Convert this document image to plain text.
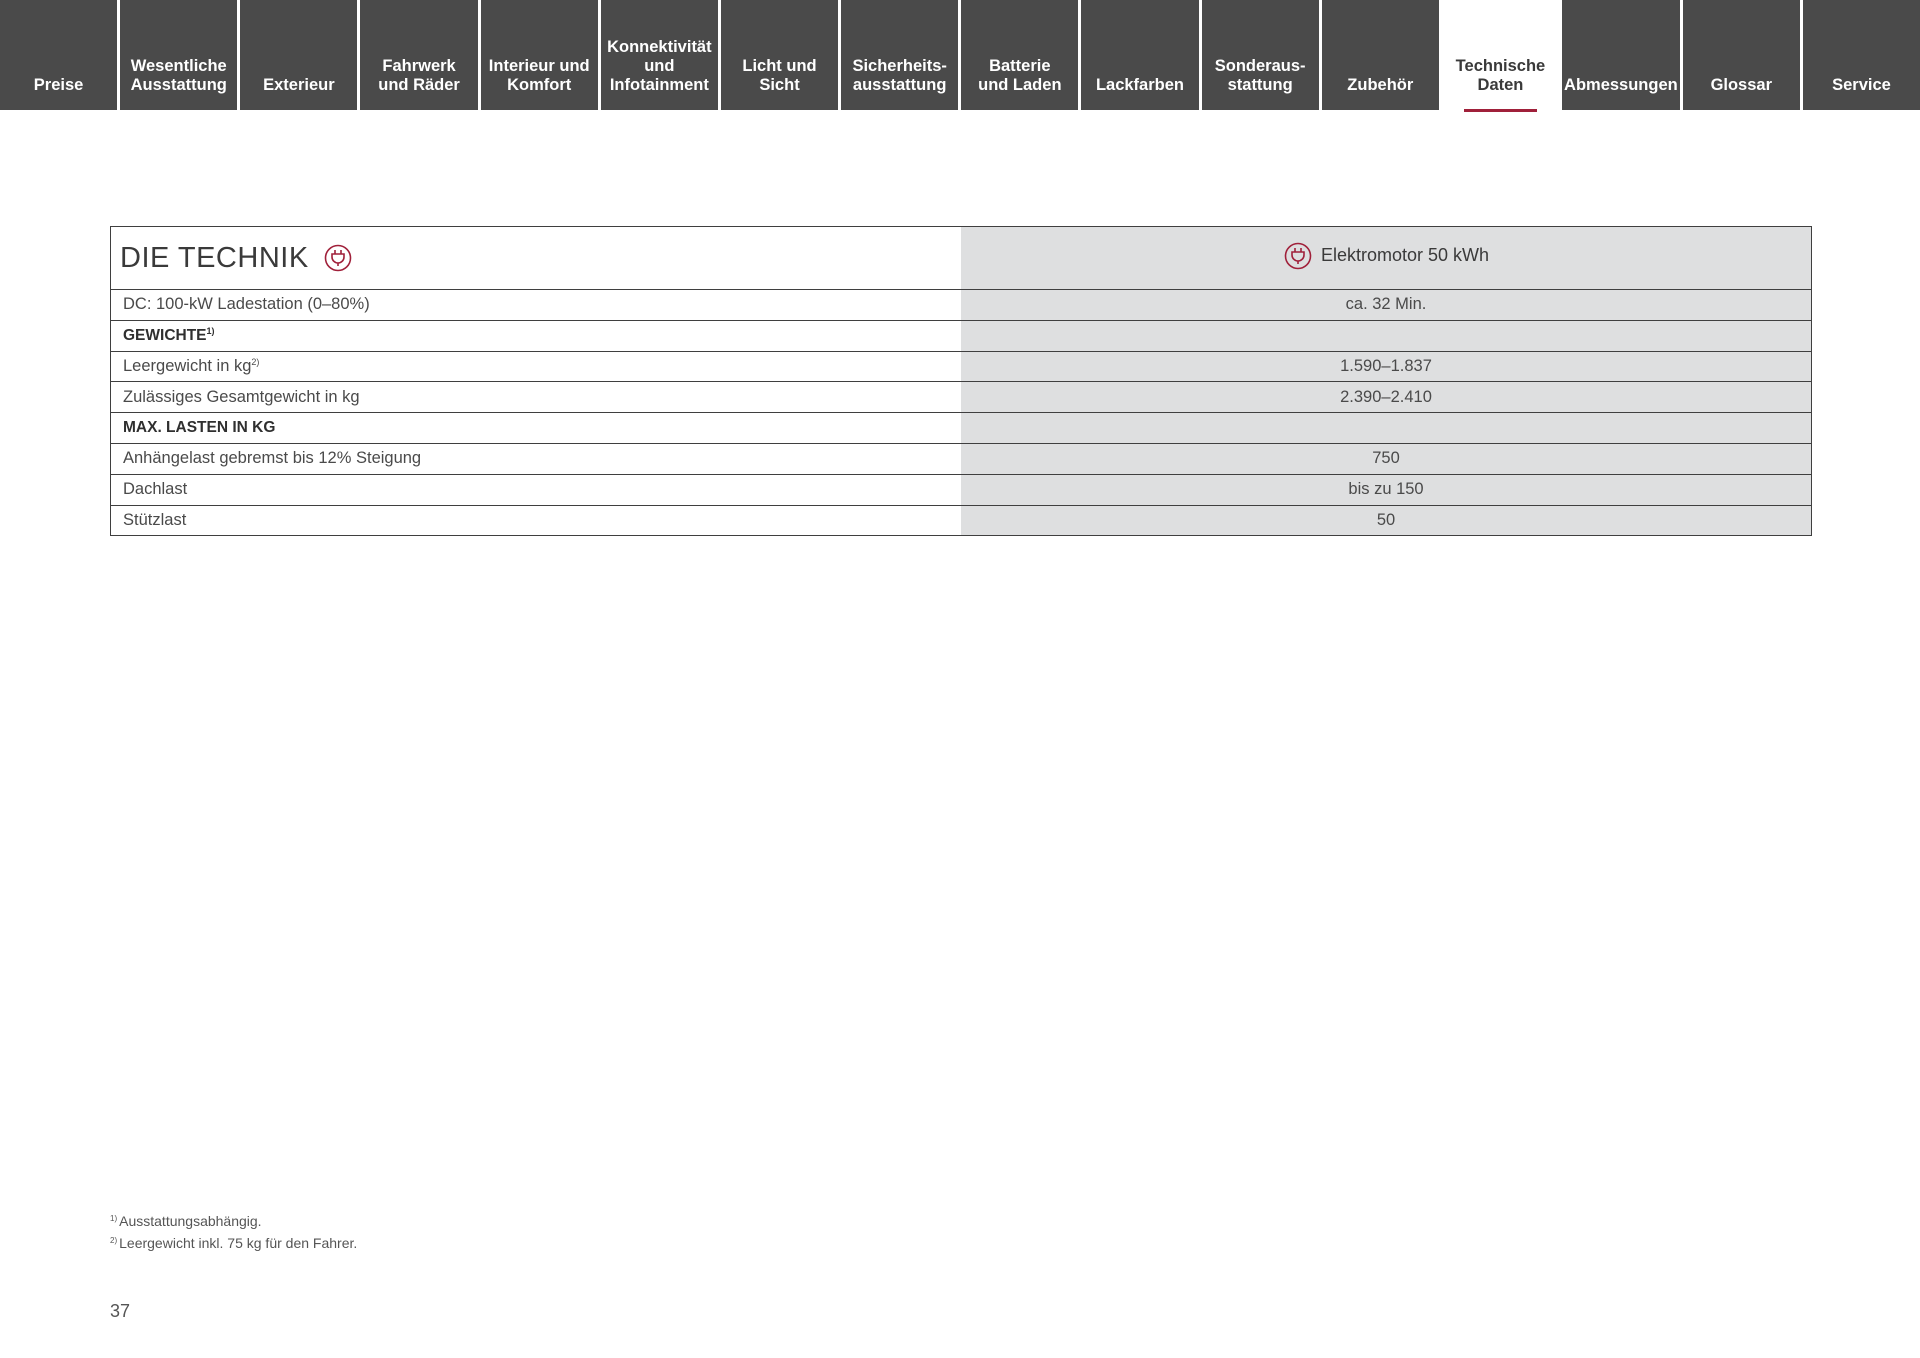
Preise
Wesentliche
Ausstattung	Exterieur
Fahrwerk
und Räder
Interieur und
Komfort
Konnektivität
und
Infotainment
Licht und Sicht
Sicherheits-
ausstattung
Batterie
und Laden	Lackfarben
Sonderaus-
stattung	Zubehör
Technische
Daten	Abmessungen	Glossar	Service
DIE TECHNIK	Elektromotor 50 kWh

DC: 100-kW Ladestation (0–80%)	ca. 32 Min.
GEWICHTE$^{1)}$	
Leergewicht in $kg^{2)}$	1.590–1.837
Zulässiges Gesamtgewicht in kg	2.390–2.410
MAX. LASTEN IN KG	
Anhängelast gebremst bis 12% Steigung	750
Dachlast	bis zu 150
Stützlast	50
$^{1)}$ Ausstattungsabhängig.
$^{2)}$ Leergewicht inkl. 75 kg für den Fahrer.
37
